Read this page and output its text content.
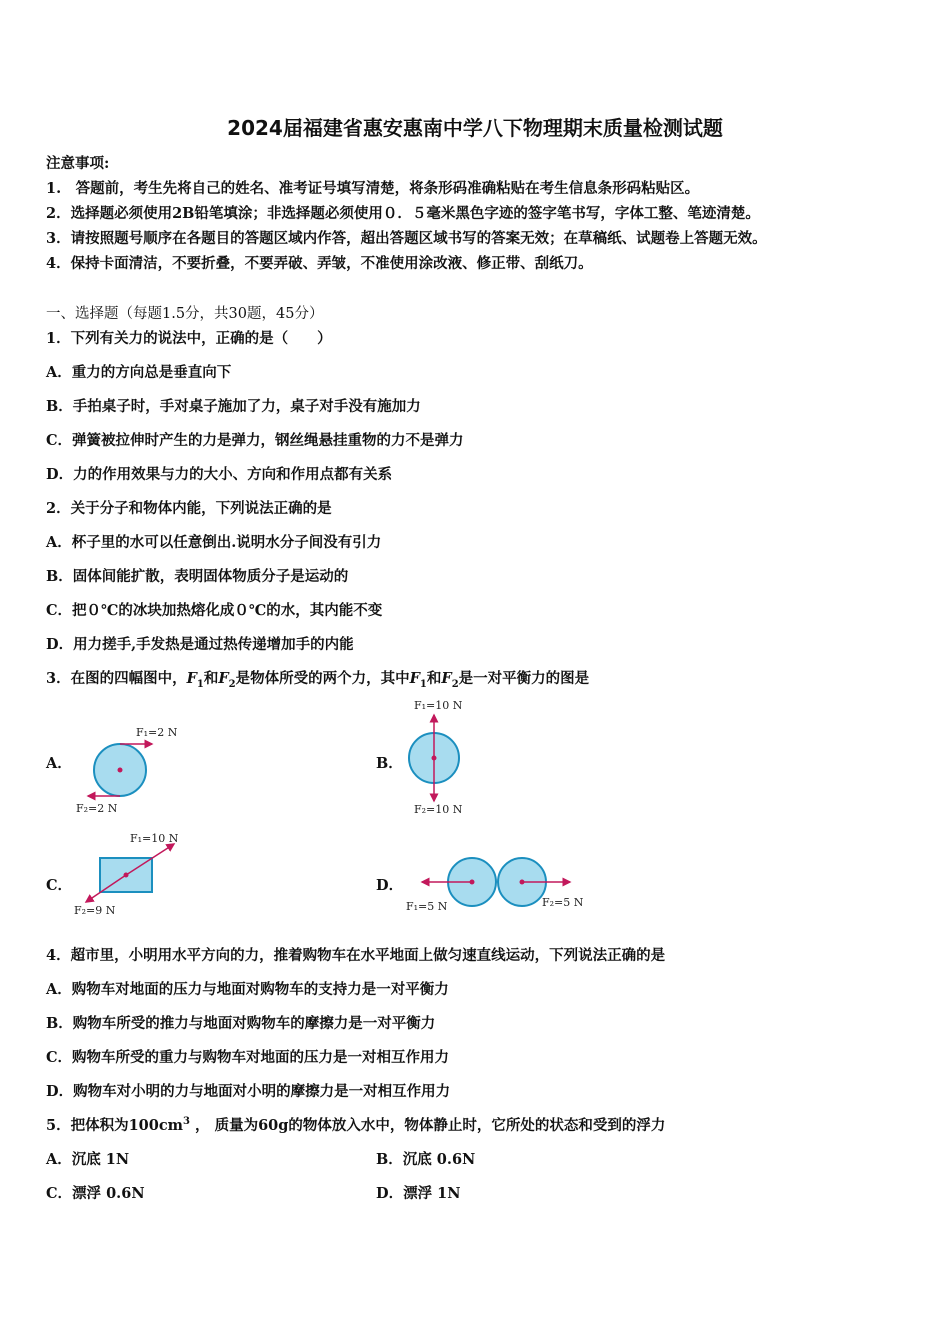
2024届福建省惠安惠南中学八下物理期末质量检测试题
注意事项:
1.　答题前，考生先将自己的姓名、准考证号填写清楚，将条形码准确粘贴在考生信息条形码粘贴区。
2．选择题必须使用2B铅笔填涂；非选择题必须使用０．５毫米黑色字迹的签字笔书写，字体工整、笔迹清楚。
3．请按照题号顺序在各题目的答题区域内作答，超出答题区域书写的答案无效；在草稿纸、试题卷上答题无效。
4．保持卡面清洁，不要折叠，不要弄破、弄皱，不准使用涂改液、修正带、刮纸刀。
一、选择题（每题1.5分，共30题，45分）
1．下列有关力的说法中，正确的是（　　）
A．重力的方向总是垂直向下
B．手拍桌子时，手对桌子施加了力，桌子对手没有施加力
C．弹簧被拉伸时产生的力是弹力，钢丝绳悬挂重物的力不是弹力
D．力的作用效果与力的大小、方向和作用点都有关系
2．关于分子和物体内能，下列说法正确的是
A．杯子里的水可以任意倒出.说明水分子间没有引力
B．固体间能扩散，表明固体物质分子是运动的
C．把０℃的冰块加热熔化成０℃的水，其内能不变
D．用力搓手,手发热是通过热传递增加手的内能
3．在图的四幅图中，$F_1$和$F_2$是物体所受的两个力，其中$F_1$和$F_2$是一对平衡力的图是
A．	B．
C．	D．
F₁=2 N
F₂=2 N
F₁=10 N
F₂=10 N
F₁=10 N
F₂=9 N	F₁=5 N	F₂=5 N
4．超市里，小明用水平方向的力，推着购物车在水平地面上做匀速直线运动，下列说法正确的是
A．购物车对地面的压力与地面对购物车的支持力是一对平衡力
B．购物车所受的推力与地面对购物车的摩擦力是一对平衡力
C．购物车所受的重力与购物车对地面的压力是一对相互作用力
D．购物车对小明的力与地面对小明的摩擦力是一对相互作用力
5．把体积为$100cm^3$ ， 质量为60g的物体放入水中，物体静止时，它所处的状态和受到的浮力
A．沉底 1N	B．沉底 0.6N
C．漂浮 0.6N	D．漂浮 1N
